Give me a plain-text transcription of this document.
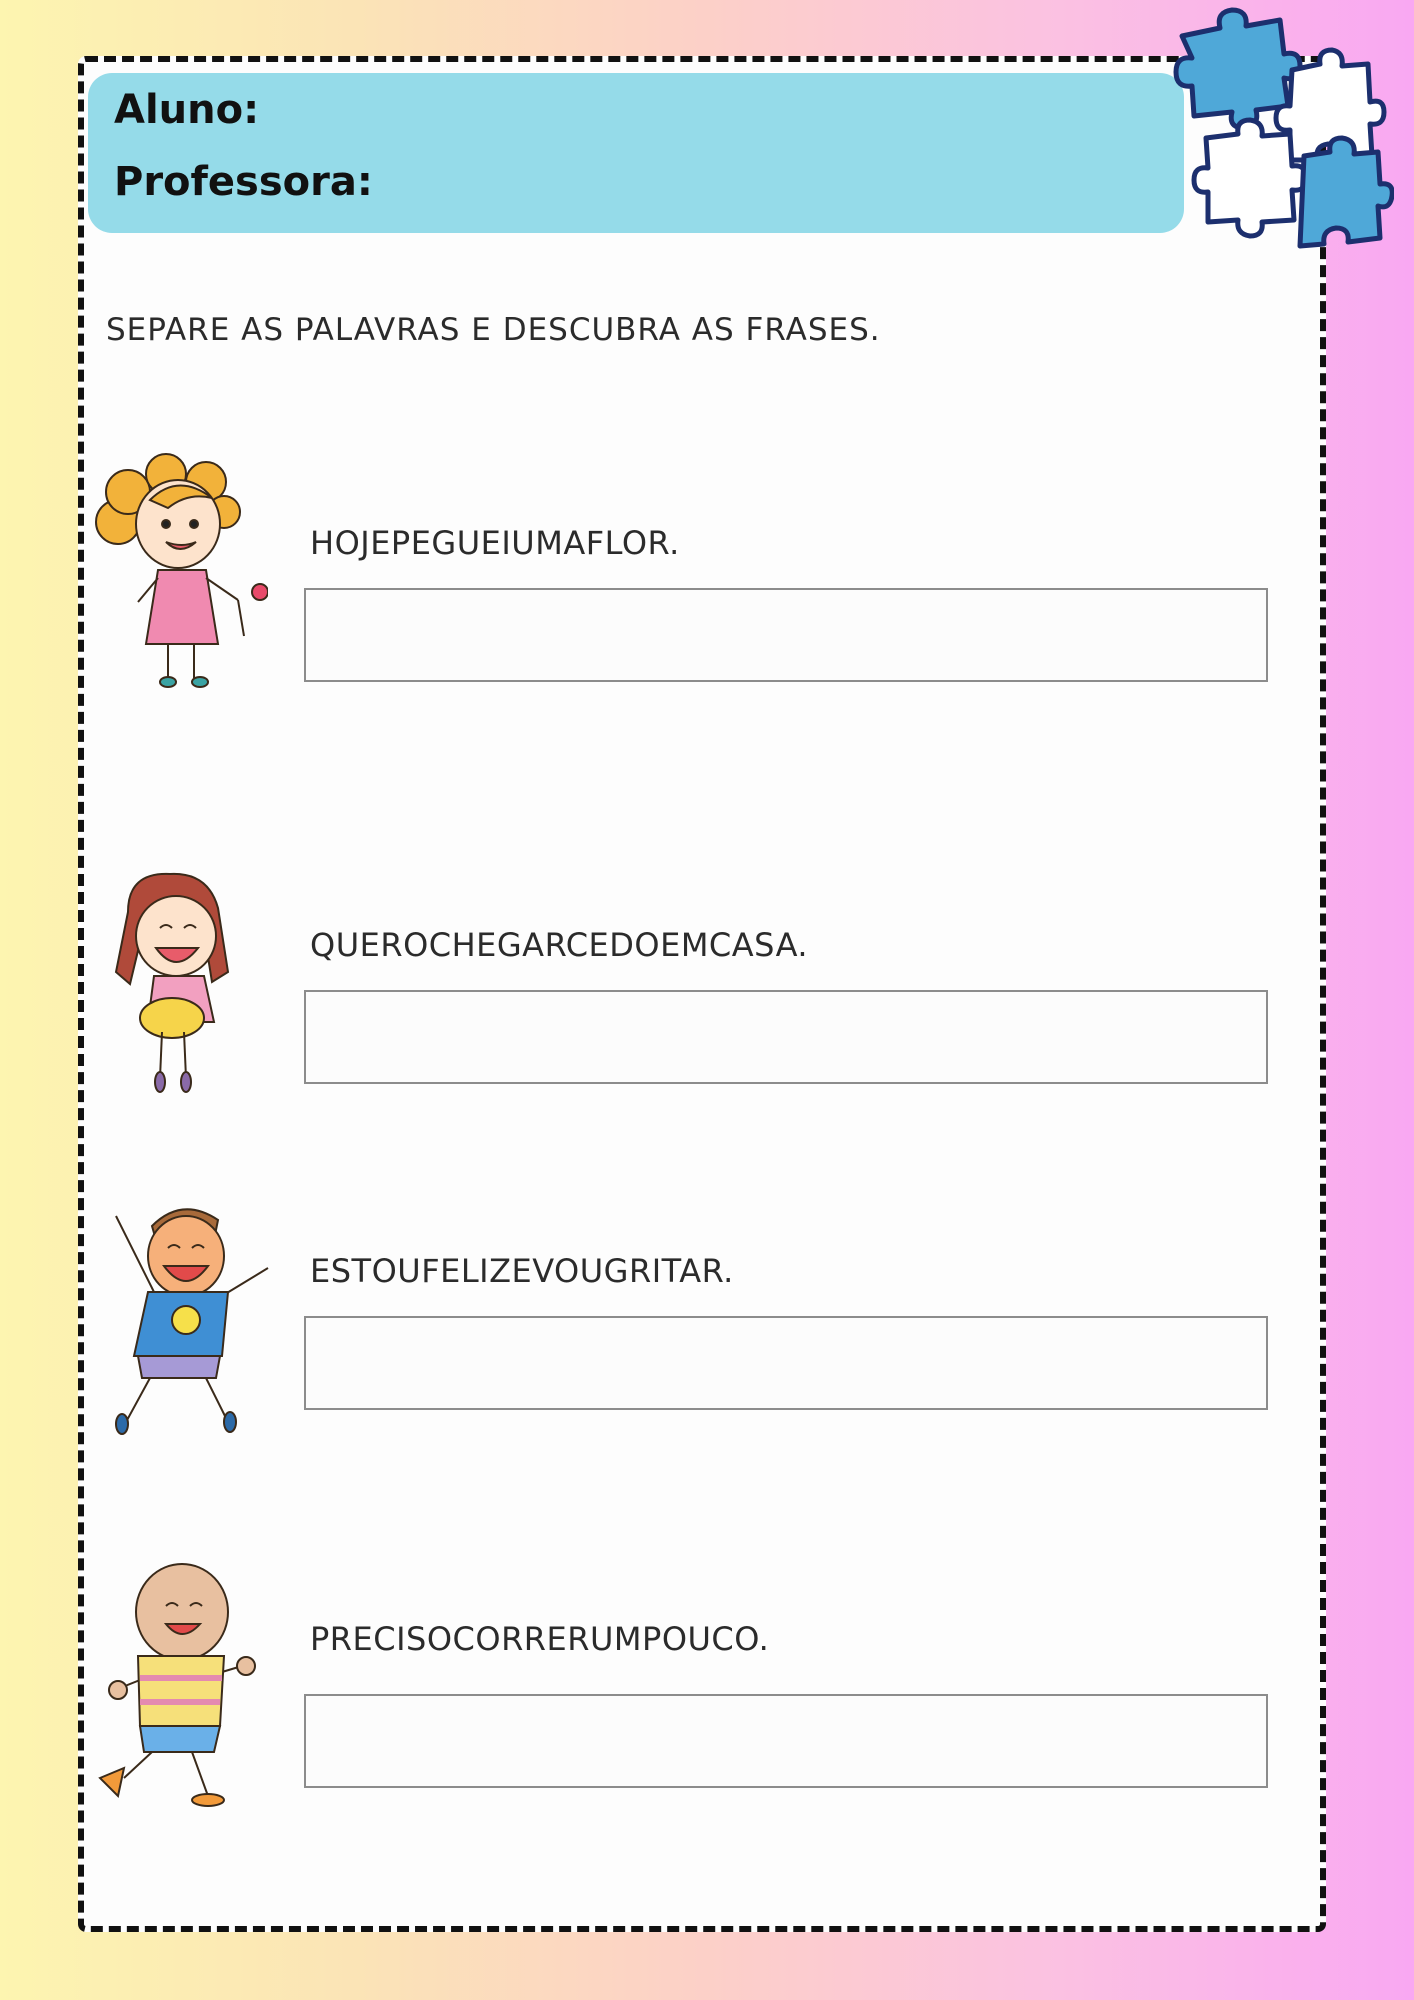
Aluno:
Professora:
SEPARE AS PALAVRAS E DESCUBRA AS FRASES.
HOJEPEGUEIUMAFLOR.
QUEROCHEGARCEDOEMCASA.
ESTOUFELIZEVOUGRITAR.
PRECISOCORRERUMPOUCO.
